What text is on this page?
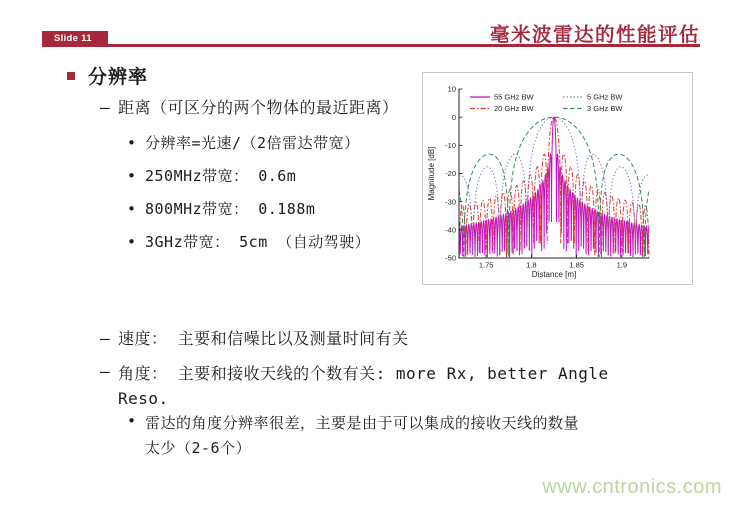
Slide 11	毫米波雷达的性能评估
分辨率
– 距离（可区分的两个物体的最近距离）
• 分辨率=光速/（2倍雷达带宽）
• 250MHz带宽： 0.6m
• 800MHz带宽： 0.188m
• 3GHz带宽： 5cm （自动驾驶）
– 速度： 主要和信噪比以及测量时间有关
– 角度： 主要和接收天线的个数有关: more Rx, better Angle
Reso.
• 雷达的角度分辨率很差，主要是由于可以集成的接收天线的数量
太少（2-6个）
10
0
-10
-20
-30
-40
-50
1.75	1.8	1.85	1.9
Distance [m]
Magnitude [dB]
55 GHz BW
20 GHz BW
5 GHz BW
3 GHz BW
www.cntronics.com
